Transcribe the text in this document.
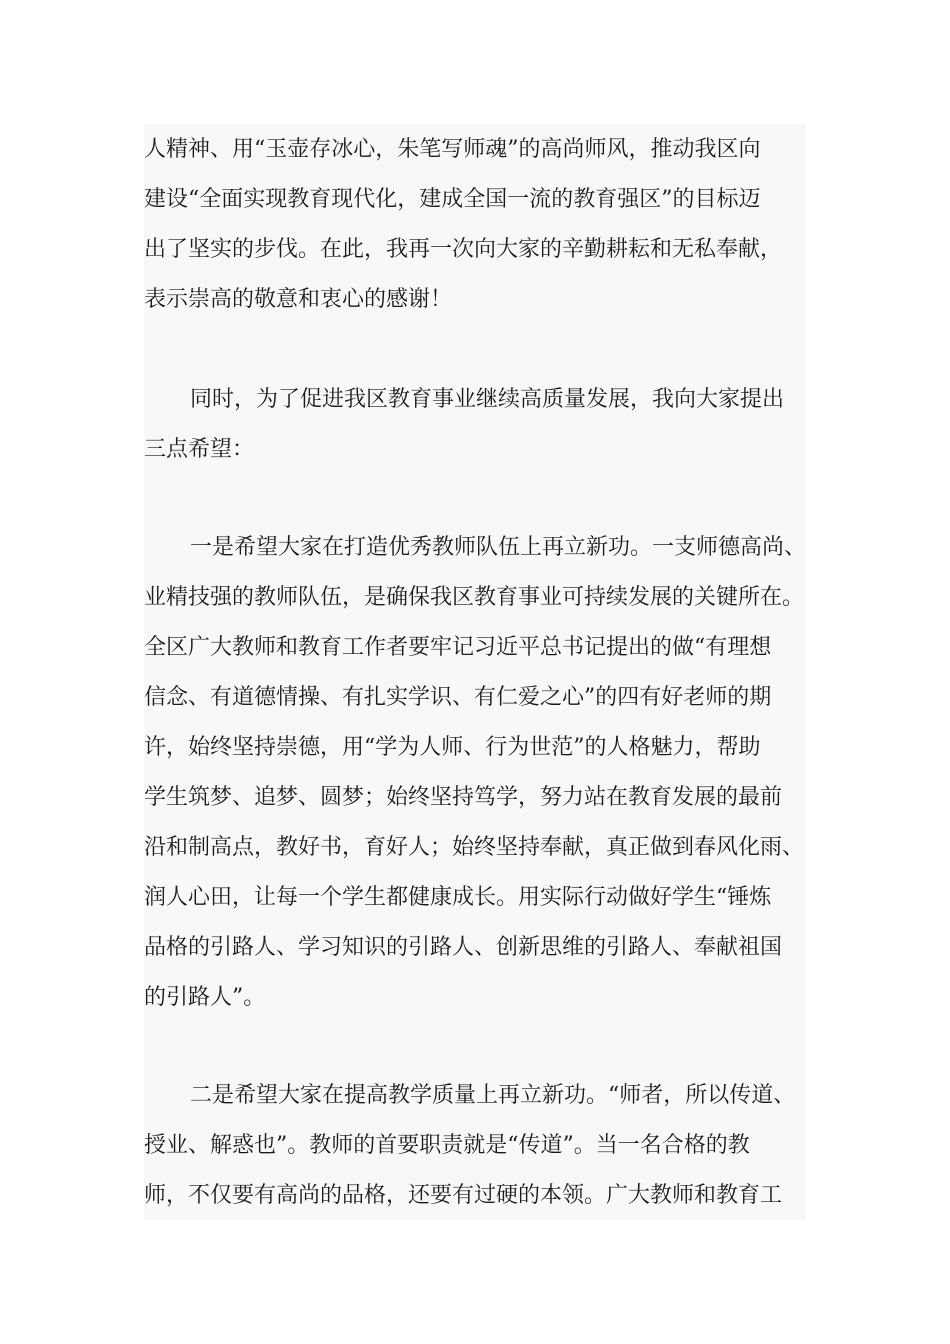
人精神、用“玉壶存冰心，朱笔写师魂”的高尚师风，推动我区向
建设“全面实现教育现代化，建成全国一流的教育强区”的目标迈
出了坚实的步伐。在此，我再一次向大家的辛勤耕耘和无私奉献，
表示崇高的敬意和衷心的感谢！
同时，为了促进我区教育事业继续高质量发展，我向大家提出
三点希望：
一是希望大家在打造优秀教师队伍上再立新功。一支师德高尚、
业精技强的教师队伍，是确保我区教育事业可持续发展的关键所在。
全区广大教师和教育工作者要牢记习近平总书记提出的做“有理想
信念、有道德情操、有扎实学识、有仁爱之心”的四有好老师的期
许，始终坚持崇德，用“学为人师、行为世范”的人格魅力，帮助
学生筑梦、追梦、圆梦；始终坚持笃学，努力站在教育发展的最前
沿和制高点，教好书，育好人；始终坚持奉献，真正做到春风化雨、
润人心田，让每一个学生都健康成长。用实际行动做好学生“锤炼
品格的引路人、学习知识的引路人、创新思维的引路人、奉献祖国
的引路人”。
二是希望大家在提高教学质量上再立新功。“师者，所以传道、
授业、解惑也”。教师的首要职责就是“传道”。当一名合格的教
师，不仅要有高尚的品格，还要有过硬的本领。广大教师和教育工
